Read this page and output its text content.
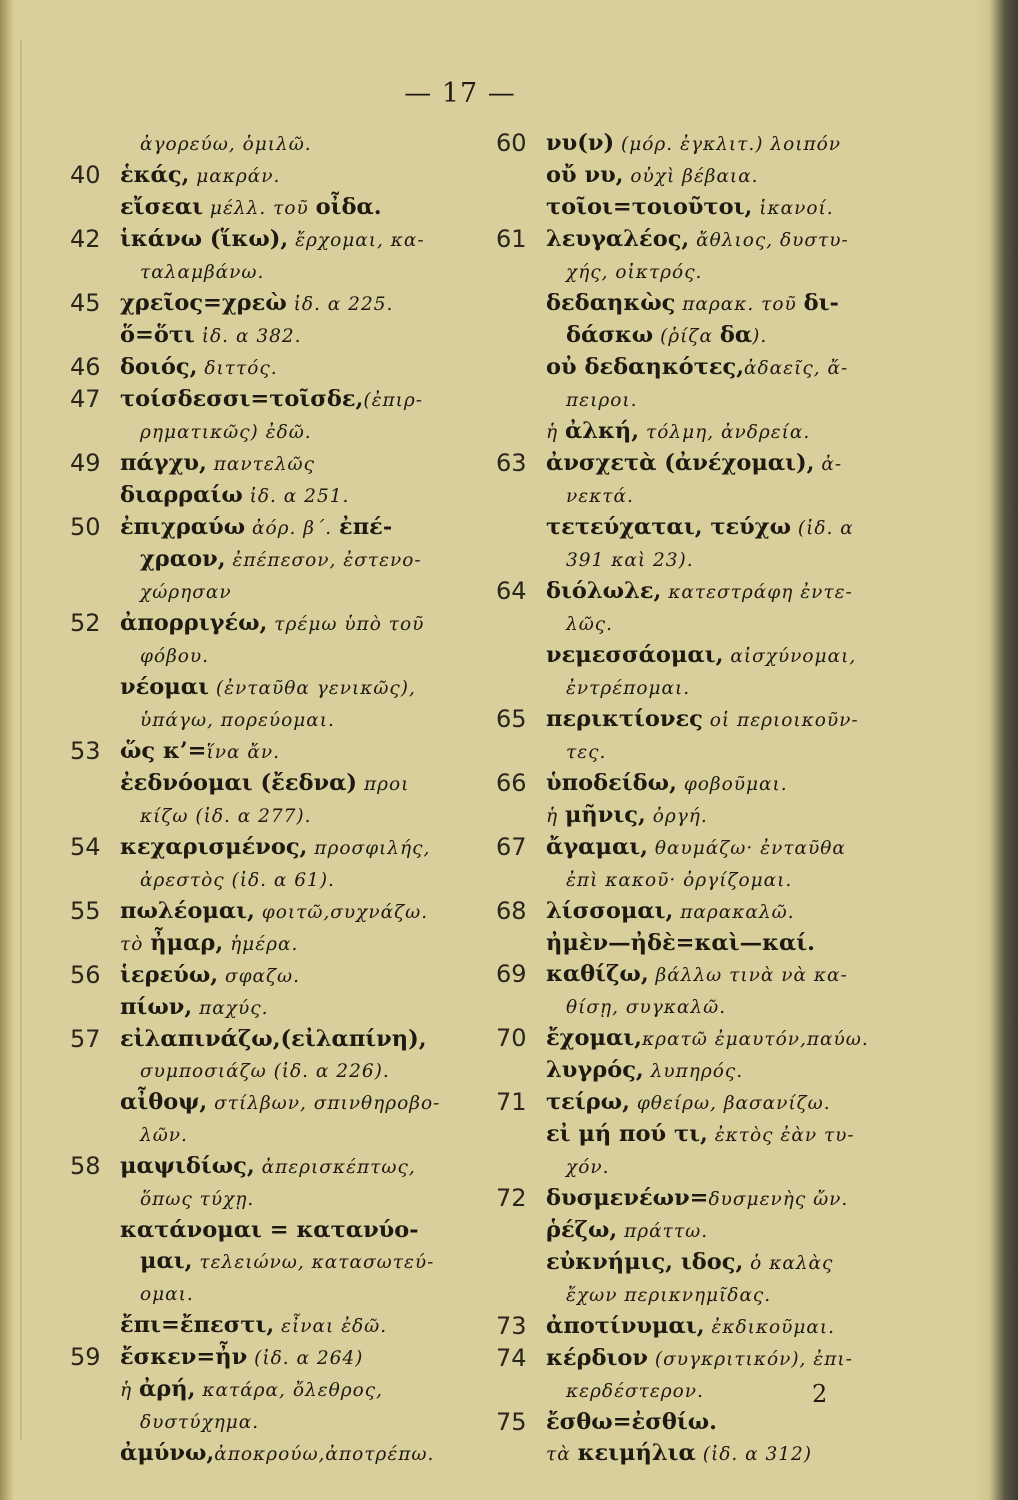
— 17 —
ἀγορεύω, ὁμιλῶ.
40 ἑκάς, μακράν.
εἴσεαι μέλλ. τοῦ οἶδα.
42 ἱκάνω (ἵκω), ἔρχομαι, κα-
ταλαμβάνω.
45 χρεῖος=χρεὼ ἰδ. α 225.
ὅ=ὅτι ἰδ. α 382.
46 δοιός, διττός.
47 τοίσδεσσι=τοῖσδε,(ἐπιρ-
ρηματικῶς) ἐδῶ.
49 πάγχυ, παντελῶς
διαρραίω ἰδ. α 251.
50 ἐπιχραύω ἀόρ. β΄. ἐπέ-
χραον, ἐπέπεσον, ἐστενο-
χώρησαν
52 ἀπορριγέω, τρέμω ὑπὸ τοῦ
φόβου.
νέομαι (ἐνταῦθα γενικῶς),
ὑπάγω, πορεύομαι.
53 ὥς κ’=ἵνα ἄν.
ἐεδνόομαι (ἔεδνα) προι
κίζω (ἰδ. α 277).
54 κεχαρισμένος, προσφιλής,
ἀρεστὸς (ἰδ. α 61).
55 πωλέομαι, φοιτῶ,συχνάζω.
τὸ ἦμαρ, ἡμέρα.
56 ἱερεύω, σφαζω.
πίων, παχύς.
57 εἰλαπινάζω,(εἰλαπίνη),
συμποσιάζω (ἰδ. α 226).
αἶθοψ, στίλβων, σπινθηροβο-
λῶν.
58 μαψιδίως, ἀπερισκέπτως,
ὅπως τύχῃ.
κατάνομαι = κατανύο-
μαι, τελειώνω, κατασωτεύ-
ομαι.
ἔπι=ἔπεστι, εἶναι ἐδῶ.
59 ἔσκεν=ἦν (ἰδ. α 264)
ἡ ἀρή, κατάρα, ὄλεθρος,
δυστύχημα.
ἀμύνω,ἀποκρούω,ἀποτρέπω.
60 νυ(ν) (μόρ. ἐγκλιτ.) λοιπόν
οὔ νυ, οὐχὶ βέβαια.
τοῖοι=τοιοῦτοι, ἱκανοί.
61 λευγαλέος, ἄθλιος, δυστυ-
χής, οἰκτρός.
δεδαηκὼς παρακ. τοῦ δι-
δάσκω (ῥίζα δα).
οὐ δεδαηκότες,ἀδαεῖς, ἄ-
πειροι.
ἡ ἀλκή, τόλμη, ἀνδρεία.
63 ἀνσχετὰ (ἀνέχομαι), ἀ-
νεκτά.
τετεύχαται, τεύχω (ἰδ. α
391 καὶ 23).
64 διόλωλε, κατεστράφη ἐντε-
λῶς.
νεμεσσάομαι, αἰσχύνομαι,
ἐντρέπομαι.
65 περικτίονες οἱ περιοικοῦν-
τες.
66 ὑποδείδω, φοβοῦμαι.
ἡ μῆνις, ὀργή.
67 ἄγαμαι, θαυμάζω· ἐνταῦθα
ἐπὶ κακοῦ· ὀργίζομαι.
68 λίσσομαι, παρακαλῶ.
ἠμὲν—ἠδὲ=καὶ—καί.
69 καθίζω, βάλλω τινὰ νὰ κα-
θίσῃ, συγκαλῶ.
70 ἔχομαι,κρατῶ ἐμαυτόν,παύω.
λυγρός, λυπηρός.
71 τείρω, φθείρω, βασανίζω.
εἰ μή πού τι, ἐκτὸς ἐὰν τυ-
χόν.
72 δυσμενέων=δυσμενὴς ὤν.
ῥέζω, πράττω.
εὐκνήμις, ιδος, ὁ καλὰς
ἔχων περικνημῖδας.
73 ἀποτίνυμαι, ἐκδικοῦμαι.
74 κέρδιον (συγκριτικόν), ἐπι-
κερδέστερον.
75 ἔσθω=ἐσθίω.
τὰ κειμήλια (ἰδ. α 312)
2
